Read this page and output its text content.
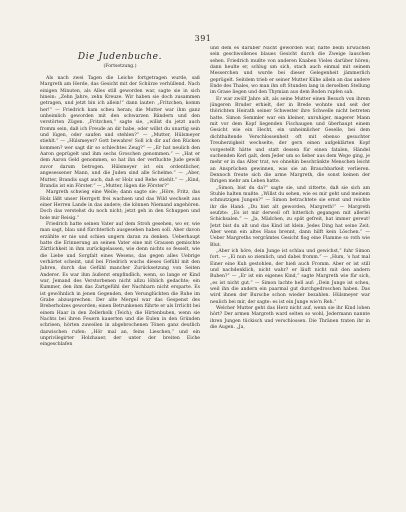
391
Die Judenbuche.
(Fortsetzung.)

Als nach zwei Tagen die Leiche fortgetragen wurde, saß Margreth am Herde, das Gesicht mit der Schürze verhüllend. Nach einigen Minuten, als Alles still geworden war, sagte sie in sich hinein: „Zehn Jahre, zehn Kreuze. Wir haben sie doch zusammen getragen, und jetzt bin ich allein!“ dann lauter: „Fritzchen, komm her!“ — Friedrich kam scheu heran; die Mutter war ihm ganz unheimlich geworden mit den schwarzen Bändern und den verstörten Zügen. „Fritzchen,“ sagte sie, „willst du jetzt auch fromm sein, daß ich Freude an dir habe, oder willst du unartig sein und lügen, oder saufen und stehlen?“ — „Mutter, Hülsmeyer stiehlt.“ — „Hülsmeyer? Gott bewahre! Soll ich dir auf den Rücken kommen? wer sagt dir so schlechtes Zeug?“ — „Er hat neulich den Aaron geprügelt und ihm sechs Groschen genommen.“ — „Hat er dem Aaron Geld genommen, so hat ihn der verfluchte Jude gewiß zuvor darum betrogen. Hülsmeyer ist ein ordentlicher, angesessener Mann, und die Juden sind alle Schelme.“ — „Aber, Mutter, Brandis sagt auch, daß er Holz und Rehe stiehlt.“ — „Kind, Brandis ist ein Förster.“ — „Mutter, lügen die Förster?“

Margreth schwieg eine Weile; dann sagte sie: „Höre, Fritz, das Holz läßt unser Herrgott frei wachsen und das Wild wechselt aus einer Herren Lande in das andere; die können Niemand angehören. Doch das verstehst du noch nicht; jetzt geh in den Schuppen und hole mir Reisig.“

Friedrich hatte seinen Vater auf dem Stroh gesehen, wo er, wie man sagt, blau und fürchterlich ausgesehen haben soll. Aber davon erzählte er nie und schien ungern daran zu denken. Ueberhaupt hatte die Erinnerung an seinen Vater eine mit Grausen gemischte Zärtlichkeit in ihm zurückgelassen, wie denn nichts so fesselt, wie die Liebe und Sorgfalt eines Wesens, das gegen alles Uebrige verhärtet scheint, und bei Friedrich wuchs dieses Gefühl mit den Jahren, durch das Gefühl mancher Zurücksetzung von Seiten Anderer. Es war ihm äußerst empfindlich, wenn, so lange er Kind war, Jemand des Verstorbenen nicht allzu löblich gedachte; ein Kummer, den ihm das Zartgefühl der Nachbarn nicht ersparte. Es ist gewöhnlich in jenen Gegenden, den Verunglückten die Ruhe im Grabe abzusprechen. Der alte Mergel war das Gespenst des Breberholzes geworden; einen Betrunkenen führte er als Irrlicht bei einem Haar in den Zellerkolk (Teich); die Hirtenbuben, wenn sie Nachts bei ihren Feuern kauerten und die Eulen in den Gründen schrieen, hörten zuweilen in abgebrochenen Tönen ganz deutlich dazwischen rufen: „Hör mal an, feins Lieschen,“ und ein unprivilegirter Holzhauer, der unter der breiten Eiche eingeschlafen

und dem es darüber Nacht geworden war, hatte beim Erwachen sein geschwollenes blaues Gesicht durch die Zweige lauschen sehen. Friedrich mußte von anderen Knaben Vieles darüber hören; dann heulte er, schlug um sich, stach auch einmal mit seinem Messerchen und wurde bei dieser Gelegenheit jämmerlich geprügelt. Seitdem trieb er seiner Mutter Kühe allein an das andere Ende des Thales, wo man ihn oft Stunden lang in derselben Stellung im Grase liegen und den Thymian aus dem Boden rupfen sah.

Er war zwölf Jahre alt, als seine Mutter einen Besuch von ihrem jüngeren Bruder erhielt, der in Brede wohnte und seit der thörichten Heirath seiner Schwester ihre Schwelle nicht betreten hatte. Simon Semmler war ein kleiner, unruhiger, magerer Mann mit vor dem Kopf liegenden Fischaugen und überhaupt einem Gesicht wie ein Hecht, ein unheimlicher Geselle, bei dem dichthaltende Verschlossenheit oft mit ebenso gesuchter Treuherzigkeit wechselte, der gern einen aufgeklärten Kopf vorgestellt hätte und statt dessen für einen fatalen, Händel suchenden Kerl galt, dem Jeder um so lieber aus dem Wege ging, je mehr er in das Alter trat, wo ohnehin beschränkte Menschen leicht an Ansprüchen gewinnen, was sie an Brauchbarkeit verlieren. Dennoch freute sich die arme Margreth, die sonst keinen der Ihrigen mehr am Leben hatte.

„Simon, bist du da?“ sagte sie, und zitterte, daß sie sich am Stuhle halten mußte. „Willst du sehen, wie es mir geht und meinem schmutzigen Jungen?“ — Simon betrachtete sie ernst und reichte ihr die Hand: „Du bist alt geworden, Margreth!“ — Margreth seufzte: „Es ist mir derweil oft bitterlich gegangen mit allerlei Schicksalen.“ — „Ja, Mädchen, zu spät gefreit, hat immer gereut! Jetzt bist du alt und das Kind ist klein. Jedes Ding hat seine Zeit. Aber wenn ein altes Haus brennt, dann hilft kein Löschen.“ — Ueber Margreths vergrämtes Gesicht flog eine Flamme so roth wie Blut.

„Aber ich höre, dein Junge ist schlau und gewichst,“ fuhr Simon fort. — „Ei nun so ziemlich, und dabei fromm.“ — „Hum, ’s hat mal Einer eine Kuh gestohlen, der hieß auch Fromm. Aber er ist still und nachdenklich, nicht wahr? er läuft nicht mit den andern Buben?“ — „Er ist ein eigenes Kind,“ sagte Margreth wie für sich, „es ist nicht gut.“ — Simon lachte hell auf: „Dein Junge ist scheu, weil ihn die andern ein paarmal gut durchgedroschen haben. Das wird ihnen der Bursche schon wieder bezahlen. Hülsmeyer war neulich bei mir, der sagte: es ist ein Junge wie'n Reh.“

Welcher Mutter geht das Herz nicht auf, wenn sie ihr Kind loben hört? Der armen Margreth ward selten so wohl, Jedermann nannte ihren Jungen tückisch und verschlossen. Die Thränen traten ihr in die Augen. „Ja,
